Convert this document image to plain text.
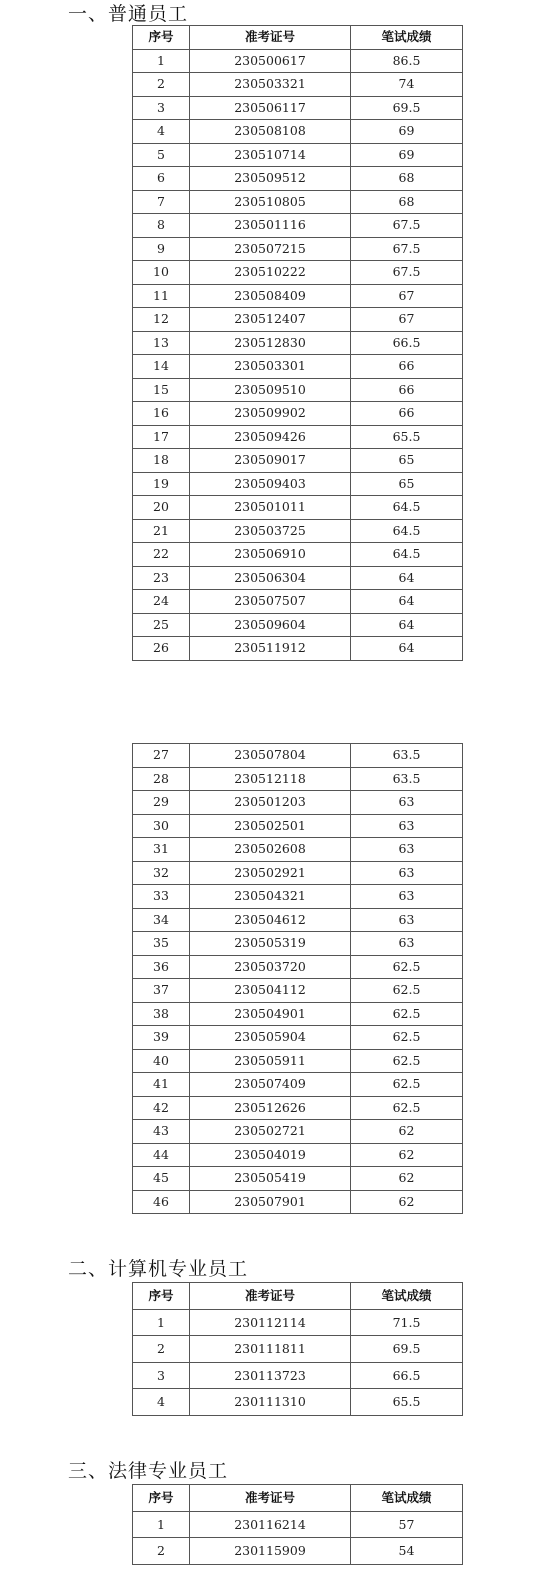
一、普通员工
序号	准考证号	笔试成绩
1	230500617	86.5
2	230503321	74
3	230506117	69.5
4	230508108	69
5	230510714	69
6	230509512	68
7	230510805	68
8	230501116	67.5
9	230507215	67.5
10	230510222	67.5
11	230508409	67
12	230512407	67
13	230512830	66.5
14	230503301	66
15	230509510	66
16	230509902	66
17	230509426	65.5
18	230509017	65
19	230509403	65
20	230501011	64.5
21	230503725	64.5
22	230506910	64.5
23	230506304	64
24	230507507	64
25	230509604	64
26	230511912	64
27	230507804	63.5
28	230512118	63.5
29	230501203	63
30	230502501	63
31	230502608	63
32	230502921	63
33	230504321	63
34	230504612	63
35	230505319	63
36	230503720	62.5
37	230504112	62.5
38	230504901	62.5
39	230505904	62.5
40	230505911	62.5
41	230507409	62.5
42	230512626	62.5
43	230502721	62
44	230504019	62
45	230505419	62
46	230507901	62
二、计算机专业员工
序号	准考证号	笔试成绩
1	230112114	71.5
2	230111811	69.5
3	230113723	66.5
4	230111310	65.5
三、法律专业员工
序号	准考证号	笔试成绩
1	230116214	57
2	230115909	54
